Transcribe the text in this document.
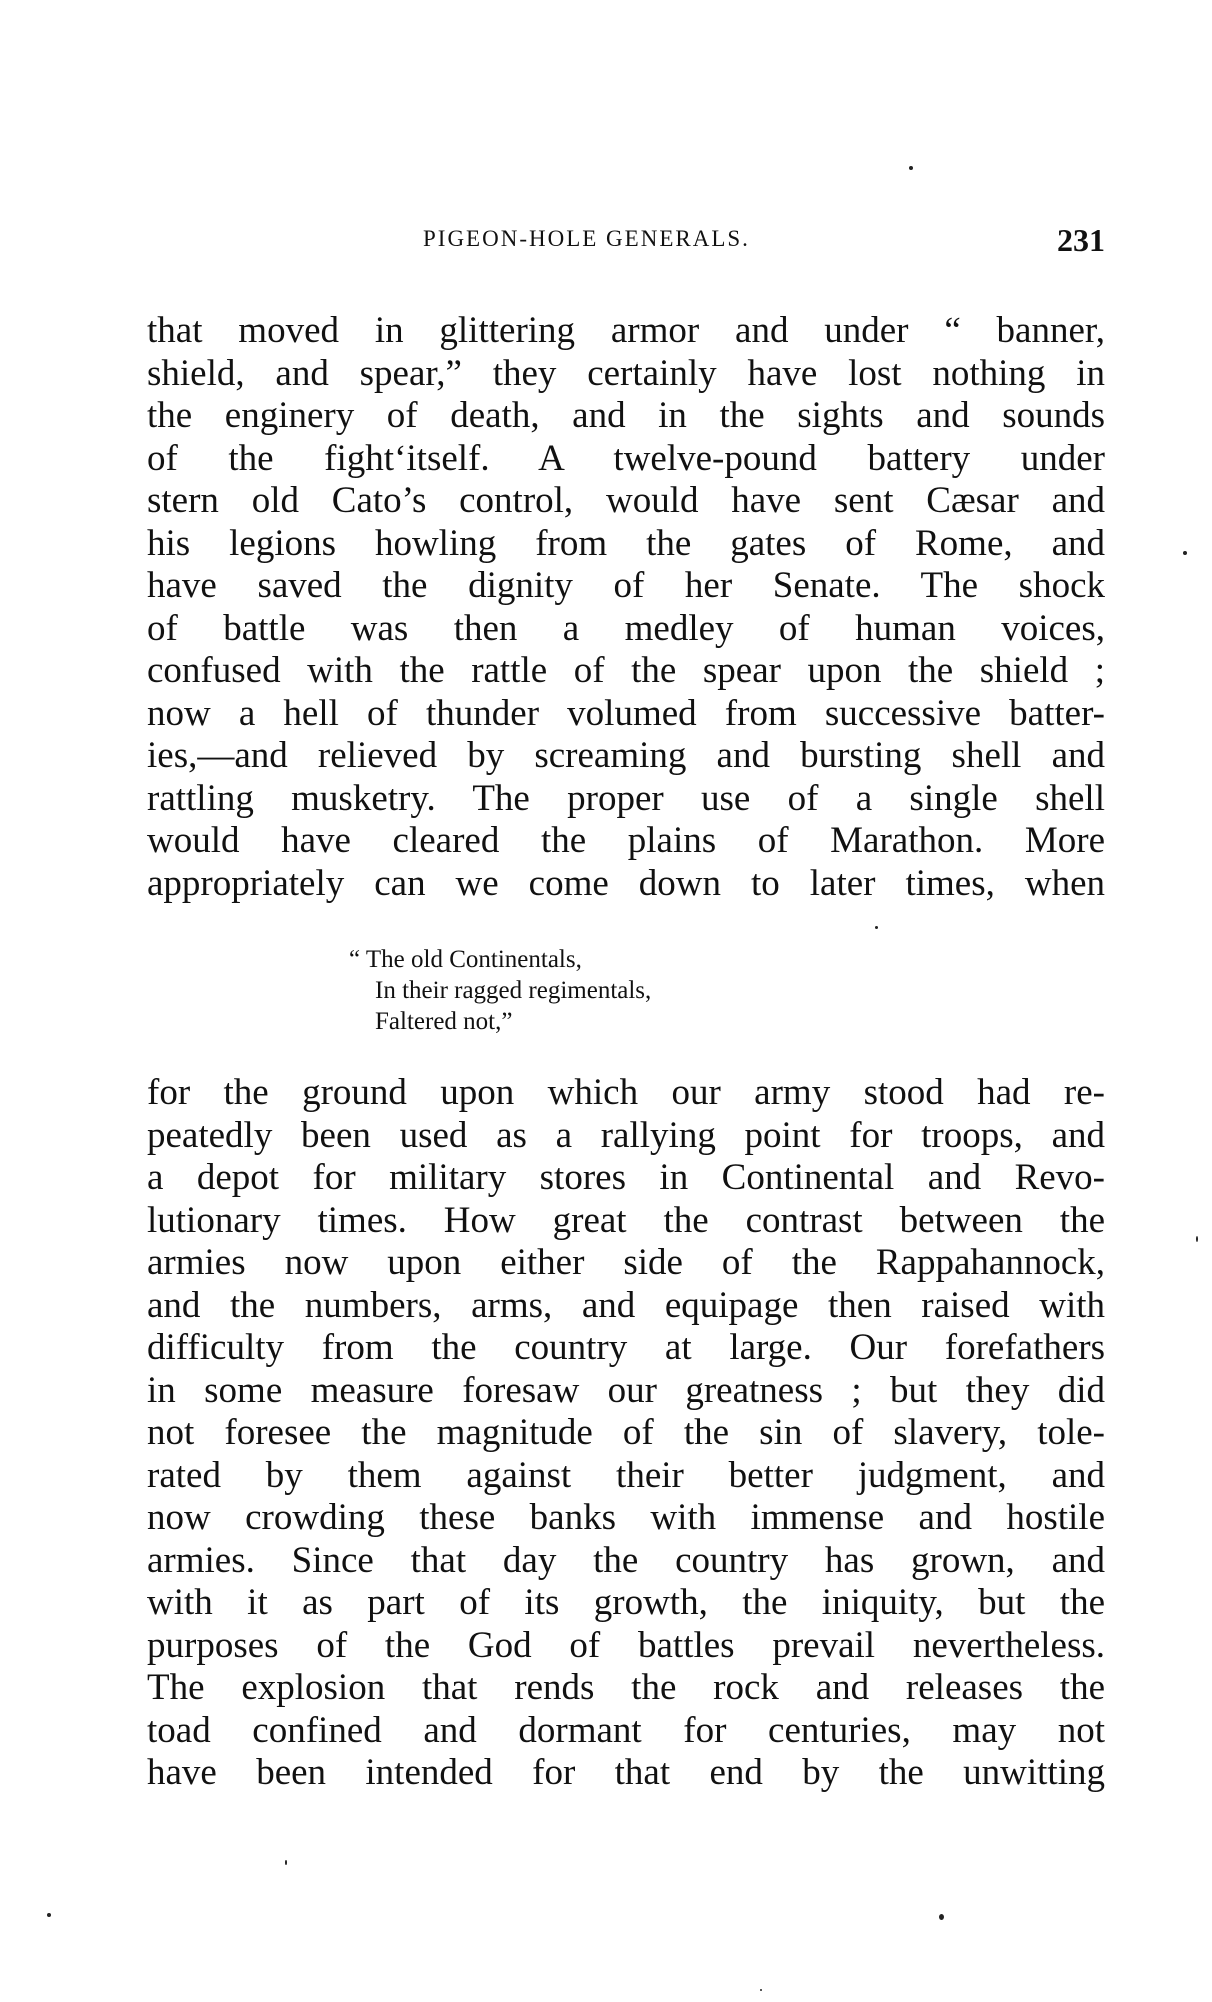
PIGEON-HOLE GENERALS.	231
that moved in glittering armor and under “ banner,
shield, and spear,” they certainly have lost nothing in
the enginery of death, and in the sights and sounds
of the fight‘itself. A twelve-pound battery under
stern old Cato’s control, would have sent Cæsar and
his legions howling from the gates of Rome, and
have saved the dignity of her Senate. The shock
of battle was then a medley of human voices,
confused with the rattle of the spear upon the shield ;
now a hell of thunder volumed from successive batter-
ies,—and relieved by screaming and bursting shell and
rattling musketry. The proper use of a single shell
would have cleared the plains of Marathon. More
appropriately can we come down to later times, when
“ The old Continentals,
In their ragged regimentals,
Faltered not,”
for the ground upon which our army stood had re-
peatedly been used as a rallying point for troops, and
a depot for military stores in Continental and Revo-
lutionary times. How great the contrast between the
armies now upon either side of the Rappahannock,
and the numbers, arms, and equipage then raised with
difficulty from the country at large. Our forefathers
in some measure foresaw our greatness ; but they did
not foresee the magnitude of the sin of slavery, tole-
rated by them against their better judgment, and
now crowding these banks with immense and hostile
armies. Since that day the country has grown, and
with it as part of its growth, the iniquity, but the
purposes of the God of battles prevail nevertheless.
The explosion that rends the rock and releases the
toad confined and dormant for centuries, may not
have been intended for that end by the unwitting
